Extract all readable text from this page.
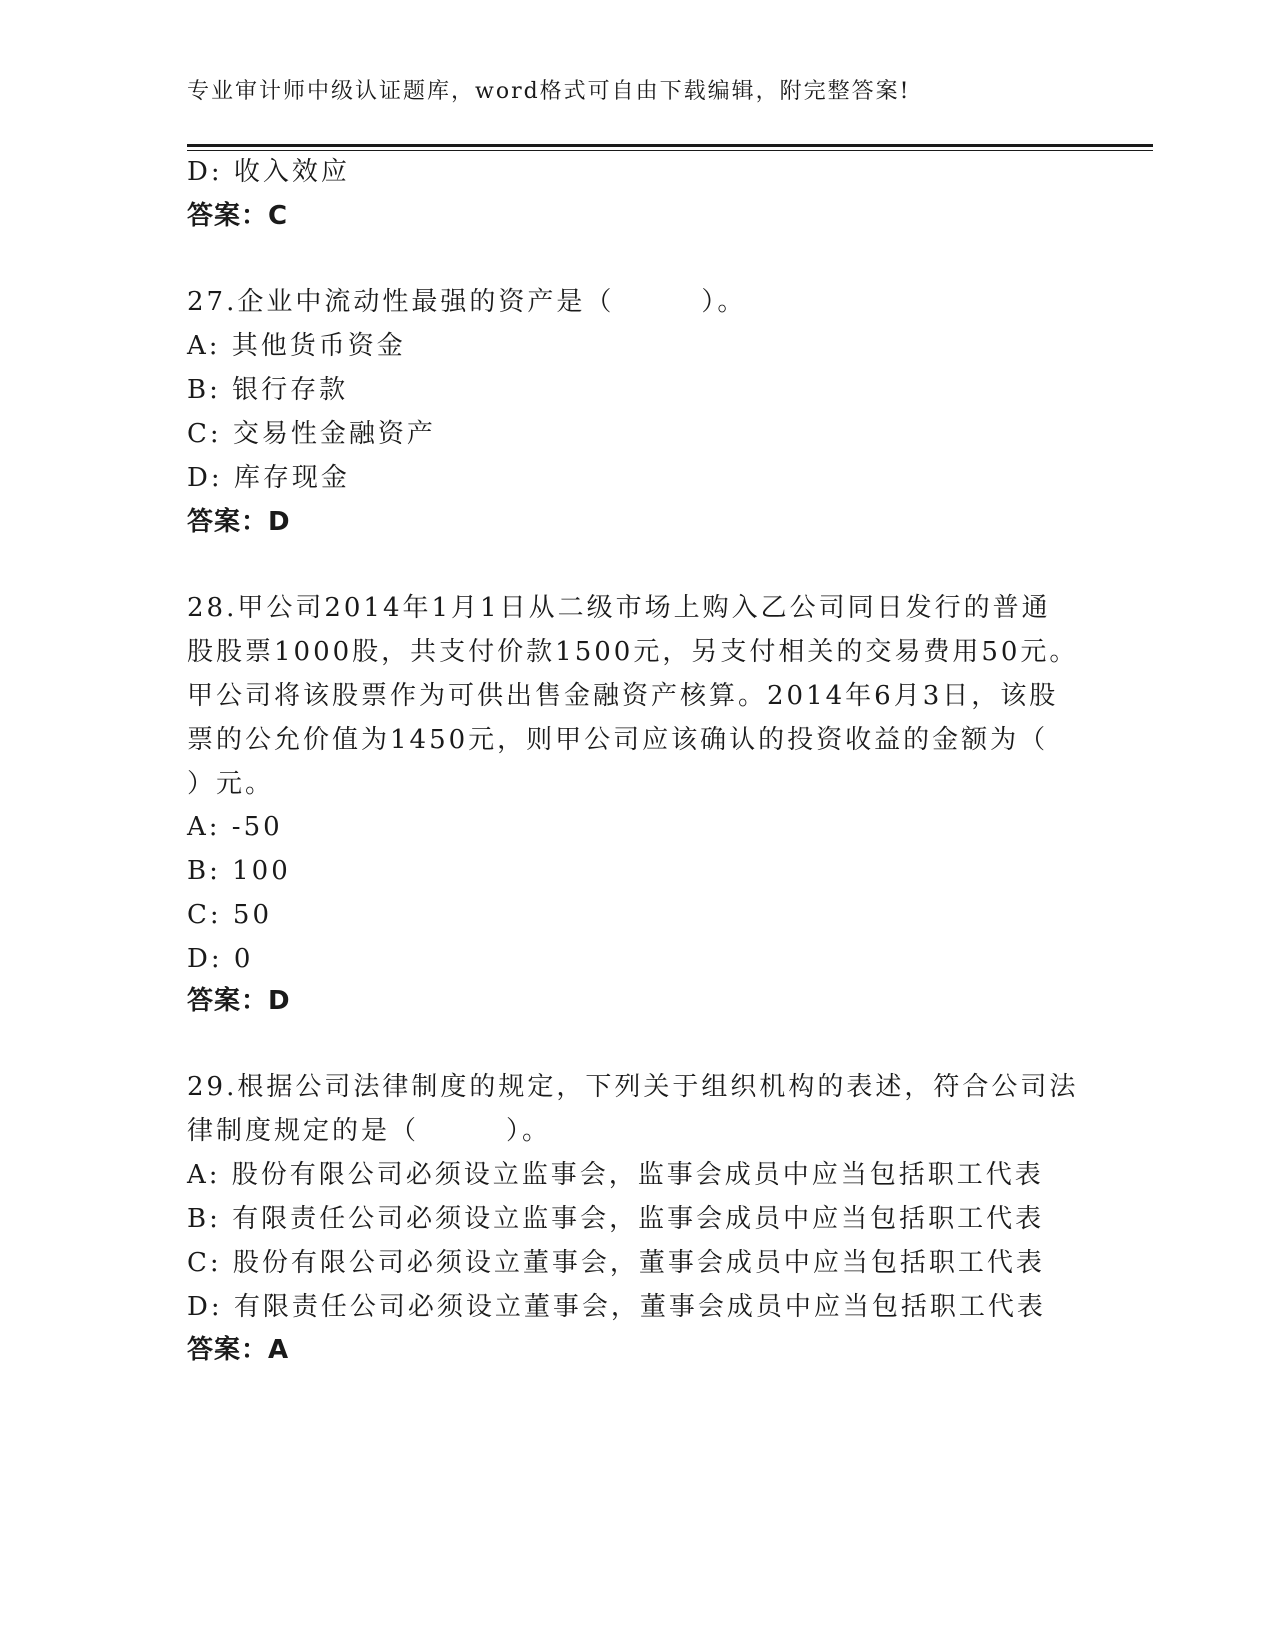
专业审计师中级认证题库，word格式可自由下载编辑，附完整答案!
D: 收入效应
答案：C
27.企业中流动性最强的资产是（　　　）。
A: 其他货币资金
B: 银行存款
C: 交易性金融资产
D: 库存现金
答案：D
28.甲公司2014年1月1日从二级市场上购入乙公司同日发行的普通
股股票1000股，共支付价款1500元，另支付相关的交易费用50元。
甲公司将该股票作为可供出售金融资产核算。2014年6月3日，该股
票的公允价值为1450元，则甲公司应该确认的投资收益的金额为（
）元。
A: -50
B: 100
C: 50
D: 0
答案：D
29.根据公司法律制度的规定，下列关于组织机构的表述，符合公司法
律制度规定的是（　　　）。
A: 股份有限公司必须设立监事会，监事会成员中应当包括职工代表
B: 有限责任公司必须设立监事会，监事会成员中应当包括职工代表
C: 股份有限公司必须设立董事会，董事会成员中应当包括职工代表
D: 有限责任公司必须设立董事会，董事会成员中应当包括职工代表
答案：A
